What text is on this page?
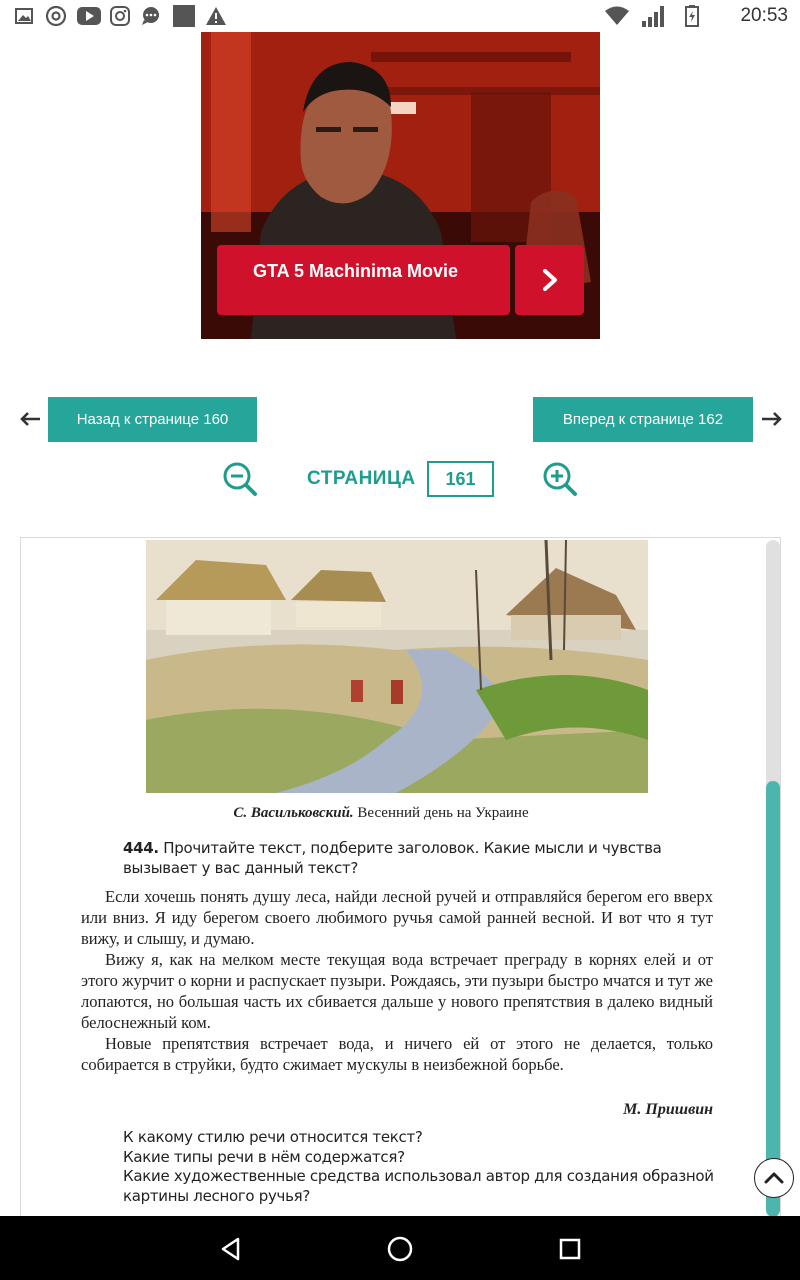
20:53
GTA 5 Machinima Movie
Назад к странице 160	Вперед к странице 162
СТРАНИЦА	161
С. Васильковский. Весенний день на Украине
444. Прочитайте текст, подберите заголовок. Какие мысли и чувства вызывает у вас данный текст?

Если хочешь понять душу леса, найди лесной ручей и отправляйся берегом его вверх или вниз. Я иду берегом своего любимого ручья самой ранней весной. И вот что я тут вижу, и слышу, и думаю.

Вижу я, как на мелком месте текущая вода встречает преграду в корнях елей и от этого журчит о корни и распускает пузыри. Рождаясь, эти пузыри быстро мчатся и тут же лопаются, но большая часть их сбивается дальше у нового препятствия в далеко видный белоснежный ком.

Новые препятствия встречает вода, и ничего ей от этого не делается, только собирается в струйки, будто сжимает мускулы в неизбежной борьбе.

М. Пришвин
К какому стилю речи относится текст?
Какие типы речи в нём содержатся?
Какие художественные средства использовал автор для создания образной картины лесного ручья?
